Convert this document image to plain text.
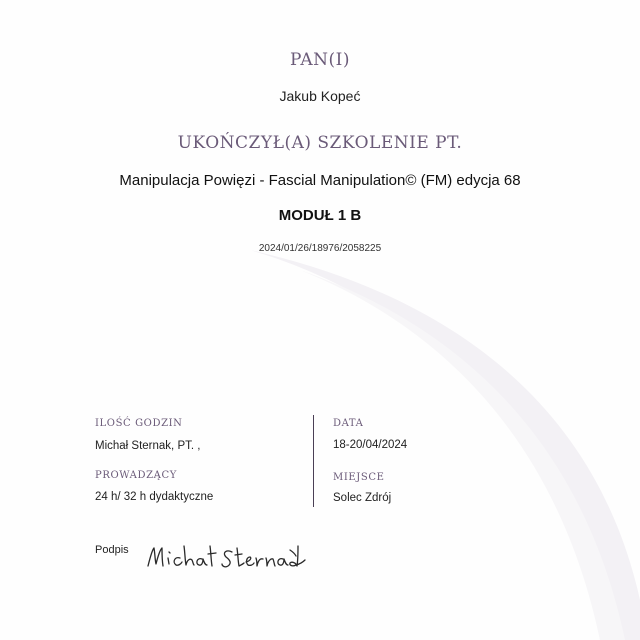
PAN(I)
Jakub Kopeć
UKOŃCZYŁ(A) SZKOLENIE PT.
Manipulacja Powięzi - Fascial Manipulation© (FM) edycja 68
MODUŁ 1 B
2024/01/26/18976/2058225
ILOŚĆ GODZIN
Michał Sternak, PT. ,
PROWADZĄCY
24 h/ 32 h dydaktyczne
DATA
18-20/04/2024
MIEJSCE
Solec Zdrój
Podpis
